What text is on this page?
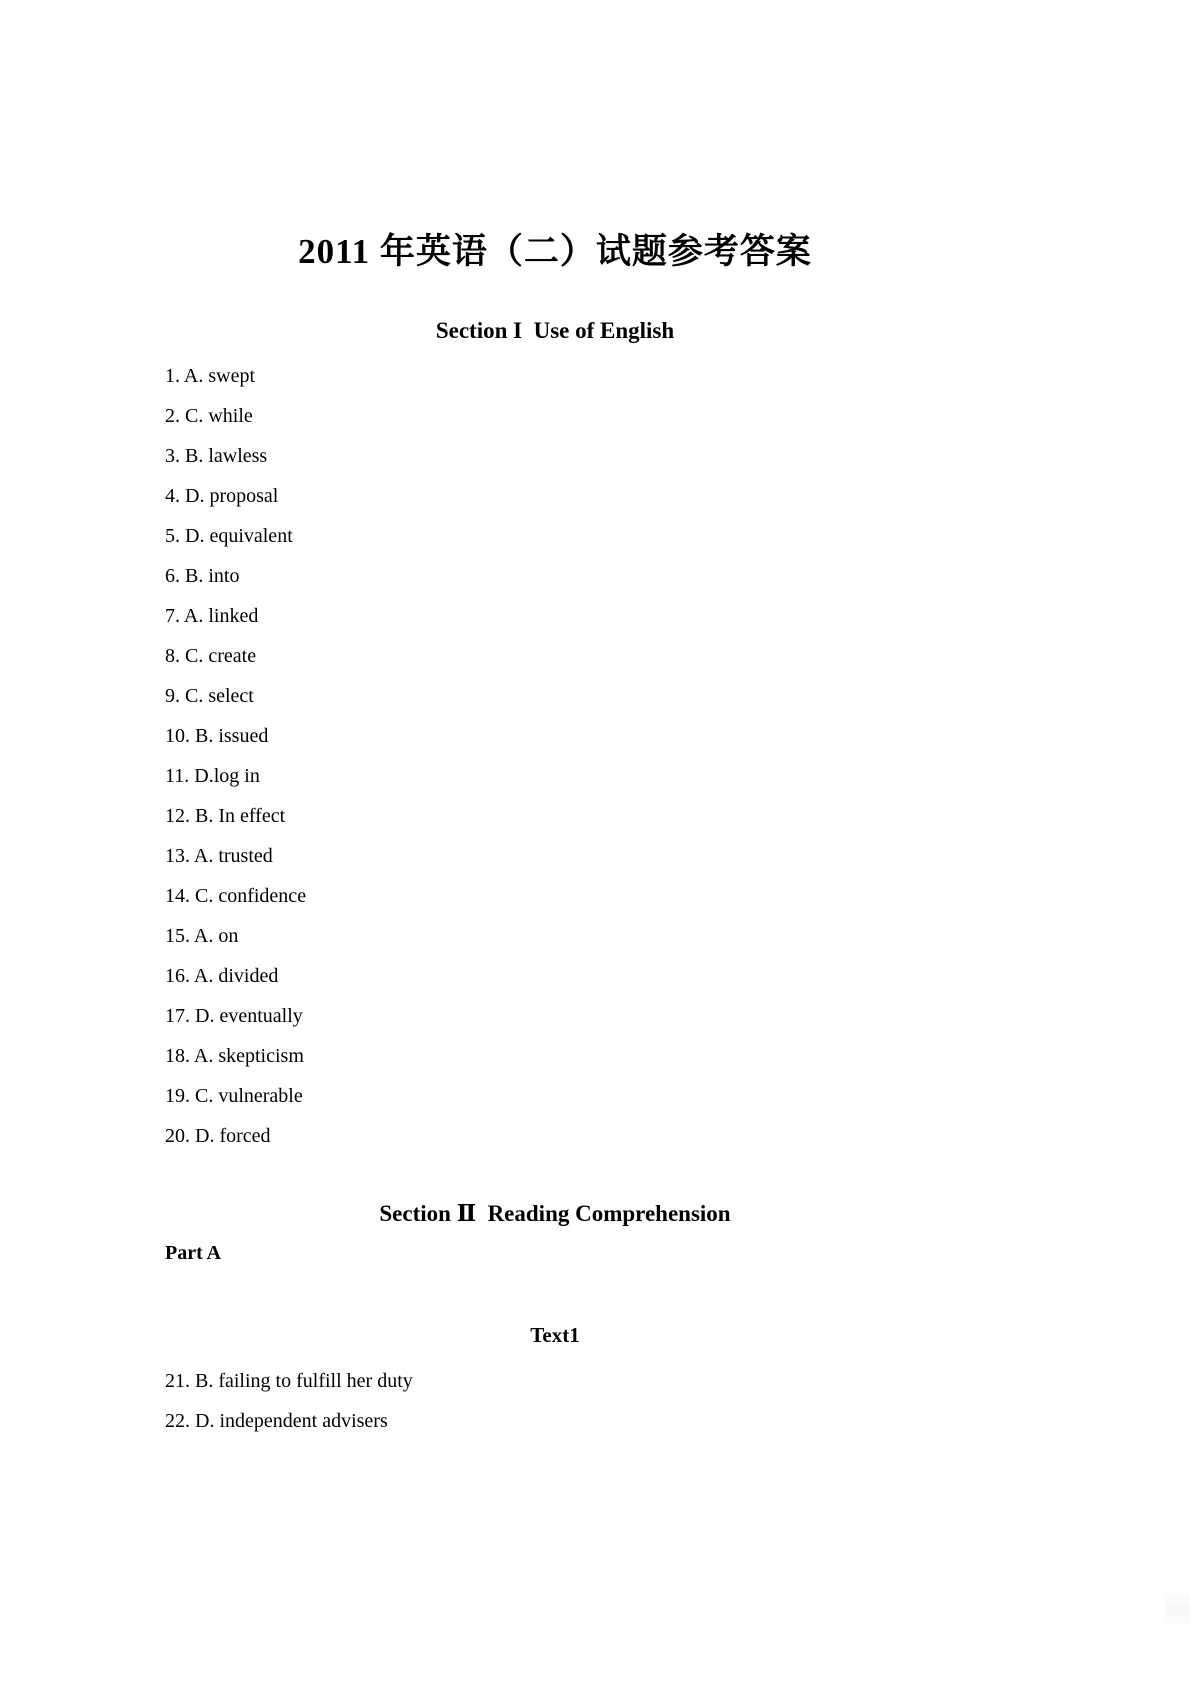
2011 年英语（二）试题参考答案
Section I  Use of English
1. A. swept
2. C. while
3. B. lawless
4. D. proposal
5. D. equivalent
6. B. into
7. A. linked
8. C. create
9. C. select
10. B. issued
11. D.log in
12. B. In effect
13. A. trusted
14. C. confidence
15. A. on
16. A. divided
17. D. eventually
18. A. skepticism
19. C. vulnerable
20. D. forced
Section Ⅱ  Reading Comprehension
Part A
Text1
21. B. failing to fulfill her duty
22. D. independent advisers
